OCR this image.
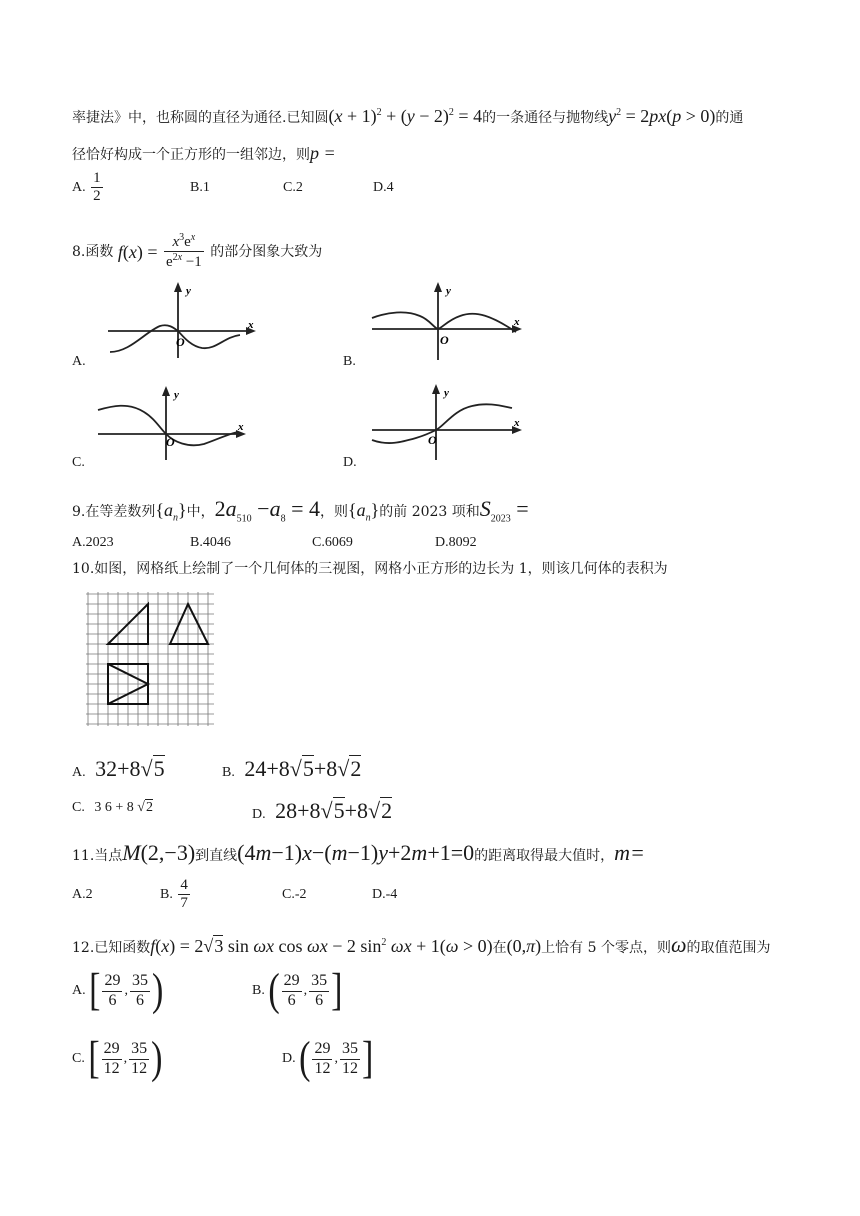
率捷法》中，也称圆的直径为通径.已知圆$(x + 1)^2 + (y - 2)^2 = 4$的一条通径与抛物线$y^2 = 2px(p > 0)$的通
径恰好构成一个正方形的一组邻边，则p =
A. $\frac{1}{2}$	B.1	C.2	D.4
8.函数 $f(x) = \frac{x^3e^x}{e^{2x} -1}$ 的部分图象大致为
A.
y
x
O
B.
y
x
O
C.
y
x
O
D.
y
x
O
9.在等差数列$\{a_n\}$中，$2a_{510} -a_8 = 4$，则$\{a_n\}$的前 2023 项和$S_{2023}$ =
A.2023	B.4046	C.6069	D.8092
10.如图，网格纸上绘制了一个几何体的三视图，网格小正方形的边长为 1，则该几何体的表积为
A. 32+8√5	B. 24+8√5+8√2
C. 3 6 + 8 √2	D. 28+8√5+8√2
11.当点M(2,−3)到直线(4m−1)x−(m−1)y+2m+1=0的距离取得最大值时，m=
A.2	B. $\frac{4}{7}$	C.-2	D.-4
12.已知函数f(x) = 2√3 sin ωx cos ωx − 2 $\sin^2 \omega x + 1(\omega > 0)$在(0,π)上恰有 5 个零点，则ω的取值范围为
A. [ $\frac{29}{6}$ , $\frac{35}{6}$ )	B. ( $\frac{29}{6}$ , $\frac{35}{6}$ ]
C. [ $\frac{29}{12}$ , $\frac{35}{12}$ )	D. ( $\frac{29}{12}$ , $\frac{35}{12}$ ]
